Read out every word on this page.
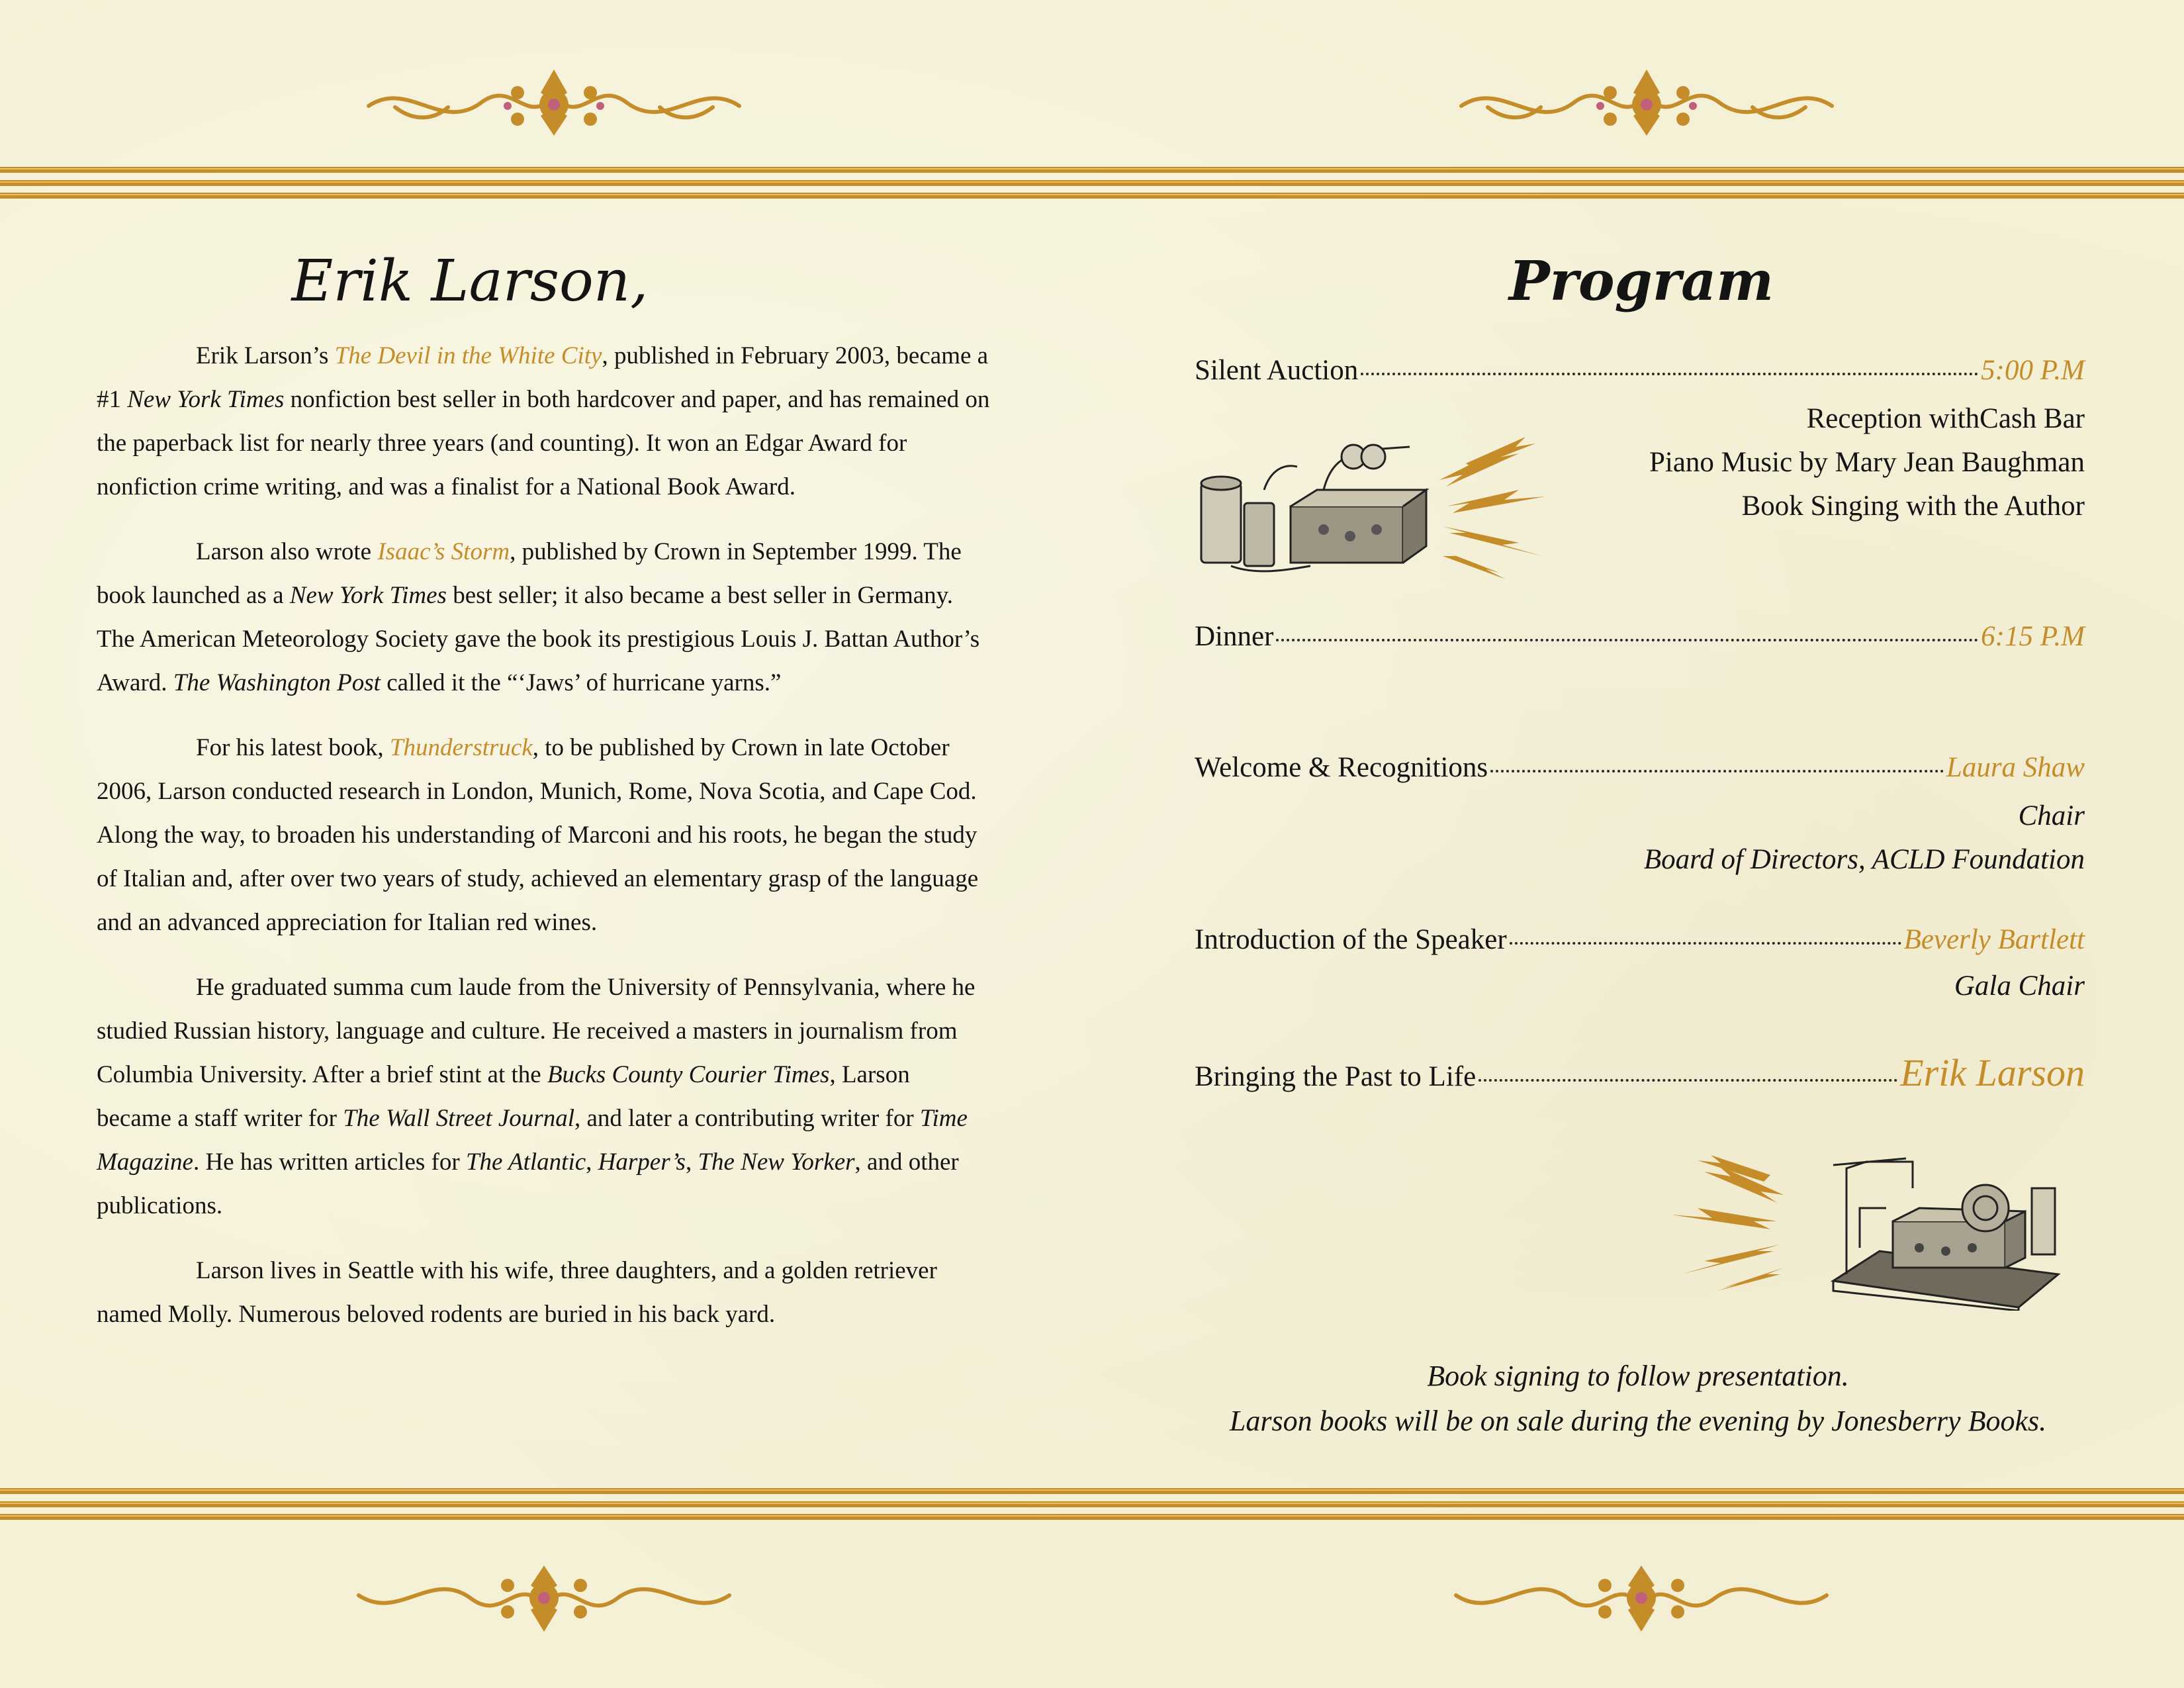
Erik Larson,

Erik Larson’s The Devil in the White City, published in February 2003, became a #1 New York Times nonfiction best seller in both hardcover and paper, and has remained on the paperback list for nearly three years (and counting). It won an Edgar Award for nonfiction crime writing, and was a finalist for a National Book Award.

Larson also wrote Isaac’s Storm, published by Crown in September 1999. The book launched as a New York Times best seller; it also became a best seller in Germany. The American Meteorology Society gave the book its prestigious Louis J. Battan Author’s Award. The Washington Post called it the “‘Jaws’ of hurricane yarns.”

For his latest book, Thunderstruck, to be published by Crown in late October 2006, Larson conducted research in London, Munich, Rome, Nova Scotia, and Cape Cod. Along the way, to broaden his understanding of Marconi and his roots, he began the study of Italian and, after over two years of study, achieved an elementary grasp of the language and an advanced appreciation for Italian red wines.

He graduated summa cum laude from the University of Pennsylvania, where he studied Russian history, language and culture. He received a masters in journalism from Columbia University. After a brief stint at the Bucks County Courier Times, Larson became a staff writer for The Wall Street Journal, and later a contributing writer for Time Magazine. He has written articles for The Atlantic, Harper’s, The New Yorker, and other publications.

Larson lives in Seattle with his wife, three daughters, and a golden retriever named Molly. Numerous beloved rodents are buried in his back yard.

Program
Silent Auction	5:00 P.M
Reception withCash Bar
Piano Music by Mary Jean Baughman
Book Singing with the Author
Dinner	6:15 P.M
Welcome & Recognitions	Laura Shaw
Chair
Board of Directors, ACLD Foundation
Introduction of the Speaker	Beverly Bartlett
Gala Chair
Bringing the Past to Life	Erik Larson
Book signing to follow presentation.
Larson books will be on sale during the evening by Jonesberry Books.
